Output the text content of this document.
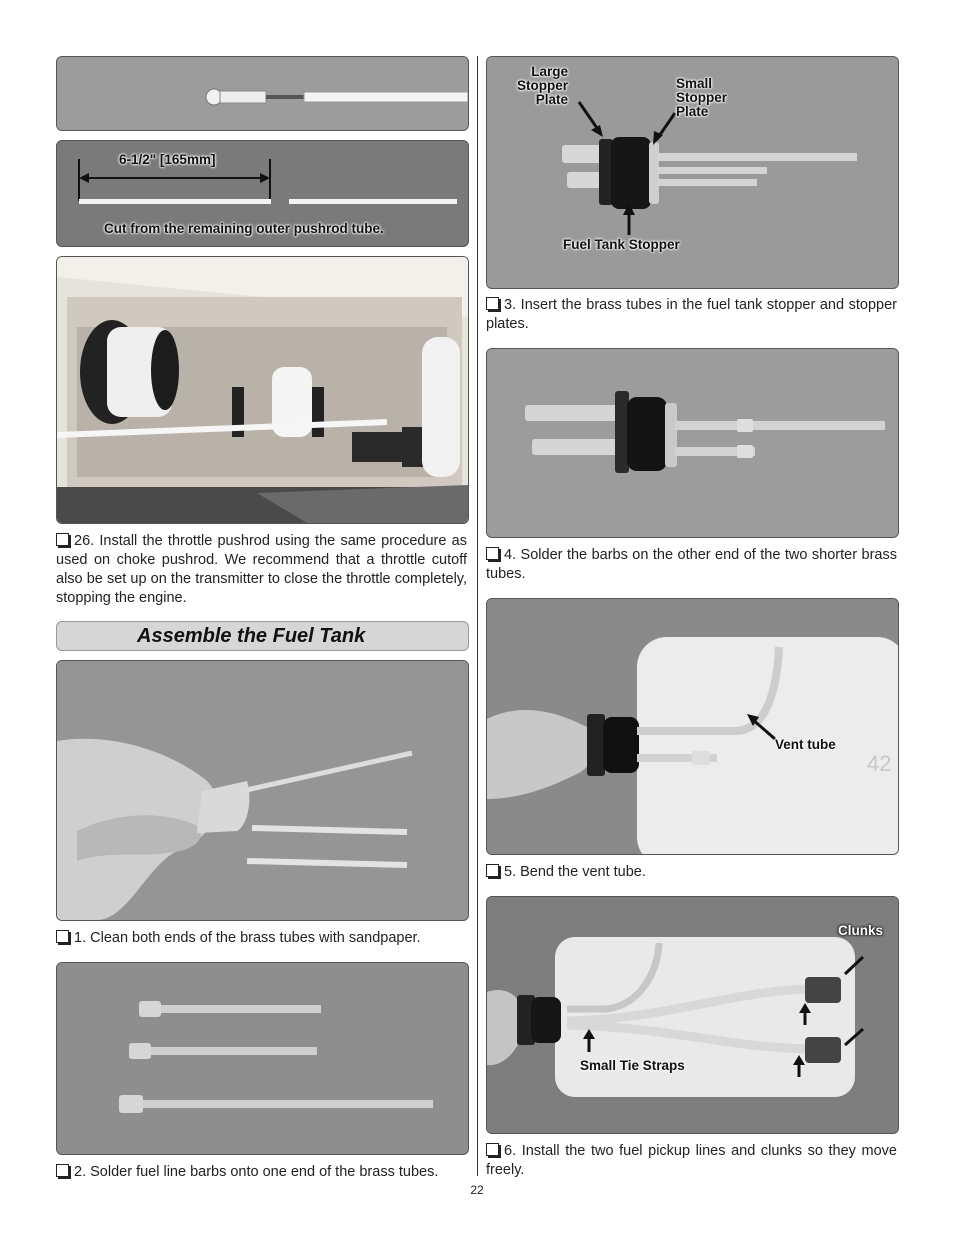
6-1/2" [165mm]
Cut from the remaining outer pushrod tube.

26. Install the throttle pushrod using the same procedure as used on choke pushrod. We recommend that a throttle cutoff also be set up on the transmitter to close the throttle completely, stopping the engine.

Assemble the Fuel Tank

1. Clean both ends of the brass tubes with sandpaper.

2. Solder fuel line barbs onto one end of the brass tubes.

Large
Stopper
Plate
Small
Stopper
Plate
Fuel Tank Stopper

3. Insert the brass tubes in the fuel tank stopper and stopper plates.

4. Solder the barbs on the other end of the two shorter brass tubes.

Vent tube
42

5. Bend the vent tube.

Clunks
Small Tie Straps

6. Install the two fuel pickup lines and clunks so they move freely.

22
